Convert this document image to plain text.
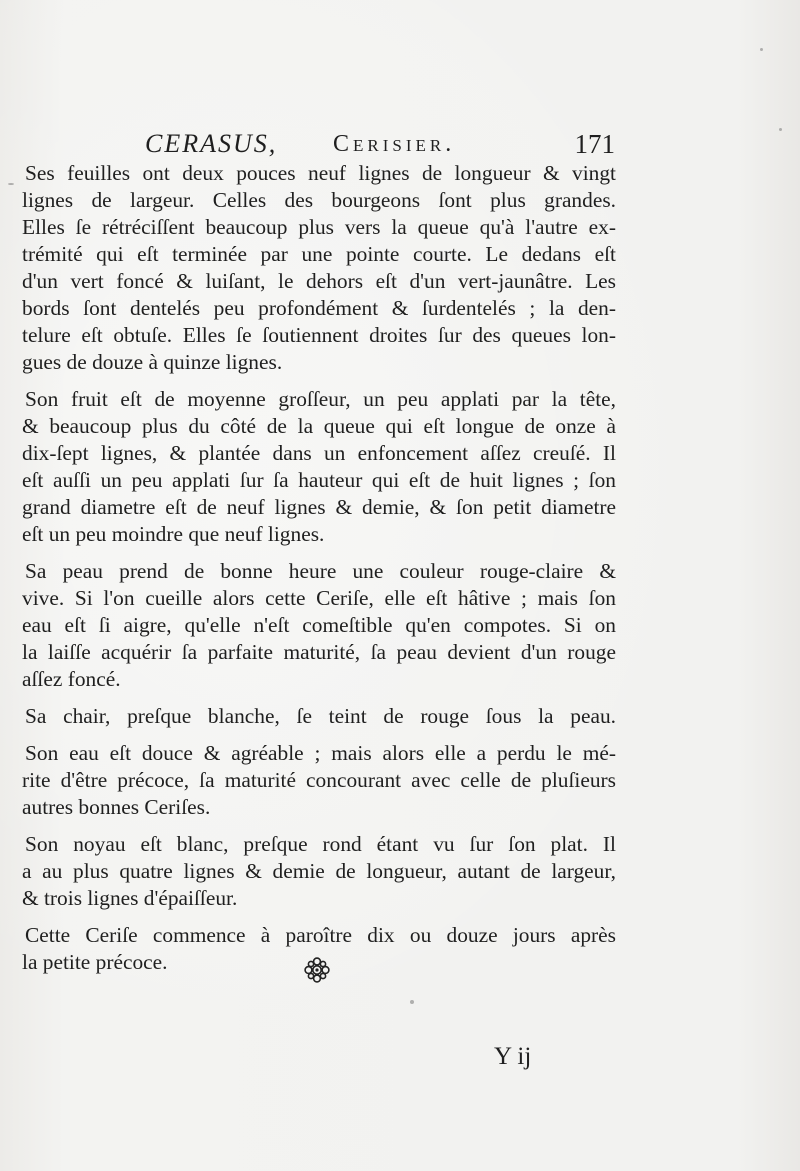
CERASUS, Cerisier.	171

Ses feuilles ont deux pouces neuf lignes de longueur & vingt
lignes de largeur. Celles des bourgeons ſont plus grandes.
Elles ſe rétréciſſent beaucoup plus vers la queue qu'à l'autre ex-
trémité qui eſt terminée par une pointe courte. Le dedans eſt
d'un vert foncé & luiſant, le dehors eſt d'un vert-jaunâtre. Les
bords ſont dentelés peu profondément & ſurdentelés ; la den-
telure eſt obtuſe. Elles ſe ſoutiennent droites ſur des queues lon-
gues de douze à quinze lignes.

Son fruit eſt de moyenne groſſeur, un peu applati par la tête,
& beaucoup plus du côté de la queue qui eſt longue de onze à
dix-ſept lignes, & plantée dans un enfoncement aſſez creuſé. Il
eſt auſſi un peu applati ſur ſa hauteur qui eſt de huit lignes ; ſon
grand diametre eſt de neuf lignes & demie, & ſon petit diametre
eſt un peu moindre que neuf lignes.

Sa peau prend de bonne heure une couleur rouge-claire &
vive. Si l'on cueille alors cette Ceriſe, elle eſt hâtive ; mais ſon
eau eſt ſi aigre, qu'elle n'eſt comeſtible qu'en compotes. Si on
la laiſſe acquérir ſa parfaite maturité, ſa peau devient d'un rouge
aſſez foncé.

Sa chair, preſque blanche, ſe teint de rouge ſous la peau.

Son eau eſt douce & agréable ; mais alors elle a perdu le mé-
rite d'être précoce, ſa maturité concourant avec celle de pluſieurs
autres bonnes Ceriſes.

Son noyau eſt blanc, preſque rond étant vu ſur ſon plat. Il
a au plus quatre lignes & demie de longueur, autant de largeur,
& trois lignes d'épaiſſeur.

Cette Ceriſe commence à paroître dix ou douze jours après
la petite précoce.

Y ij
